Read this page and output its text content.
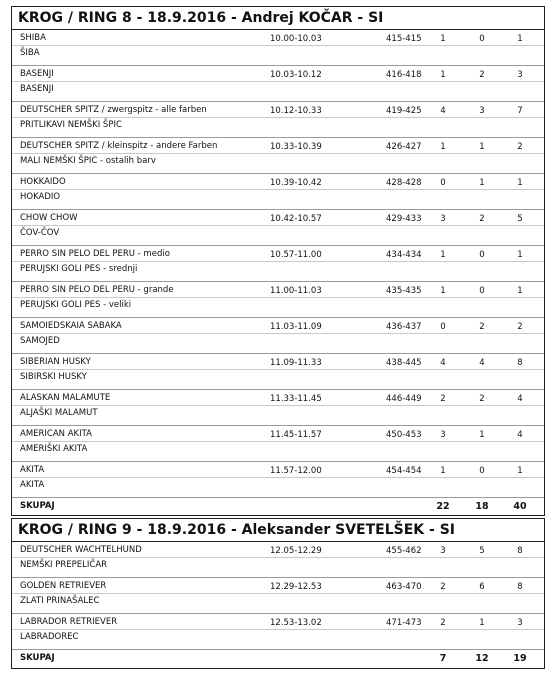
KROG / RING 8 - 18.9.2016 - Andrej KOČAR - SI
SHIBA
ŠIBA
10.00-10.03	415-415	1	0	1
BASENJI
BASENJI
10.03-10.12	416-418	1	2	3
DEUTSCHER SPITZ / zwergspitz - alle farben
PRITLIKAVI NEMŠKI ŠPIC
10.12-10.33	419-425	4	3	7
DEUTSCHER SPITZ / kleinspitz - andere Farben
MALI NEMŠKI ŠPIC - ostalih barv
10.33-10.39	426-427	1	1	2
HOKKAIDO
HOKADIO
10.39-10.42	428-428	0	1	1
CHOW CHOW
ČOV-ČOV
10.42-10.57	429-433	3	2	5
PERRO SIN PELO DEL PERU - medio
PERUJSKI GOLI PES - srednji
10.57-11.00	434-434	1	0	1
PERRO SIN PELO DEL PERU - grande
PERUJSKI GOLI PES - veliki
11.00-11.03	435-435	1	0	1
SAMOIEDSKAIA SABAKA
SAMOJED
11.03-11.09	436-437	0	2	2
SIBERIAN HUSKY
SIBIRSKI HUSKY
11.09-11.33	438-445	4	4	8
ALASKAN MALAMUTE
ALJAŠKI MALAMUT
11.33-11.45	446-449	2	2	4
AMERICAN AKITA
AMERIŠKI AKITA
11.45-11.57	450-453	3	1	4
AKITA
AKITA
11.57-12.00	454-454	1	0	1
SKUPAJ	22	18	40
KROG / RING 9 - 18.9.2016 - Aleksander SVETELŠEK - SI
DEUTSCHER WACHTELHUND
NEMŠKI PREPELIČAR
12.05-12.29	455-462	3	5	8
GOLDEN RETRIEVER
ZLATI PRINAŠALEC
12.29-12.53	463-470	2	6	8
LABRADOR RETRIEVER
LABRADOREC
12.53-13.02	471-473	2	1	3
SKUPAJ	7	12	19
